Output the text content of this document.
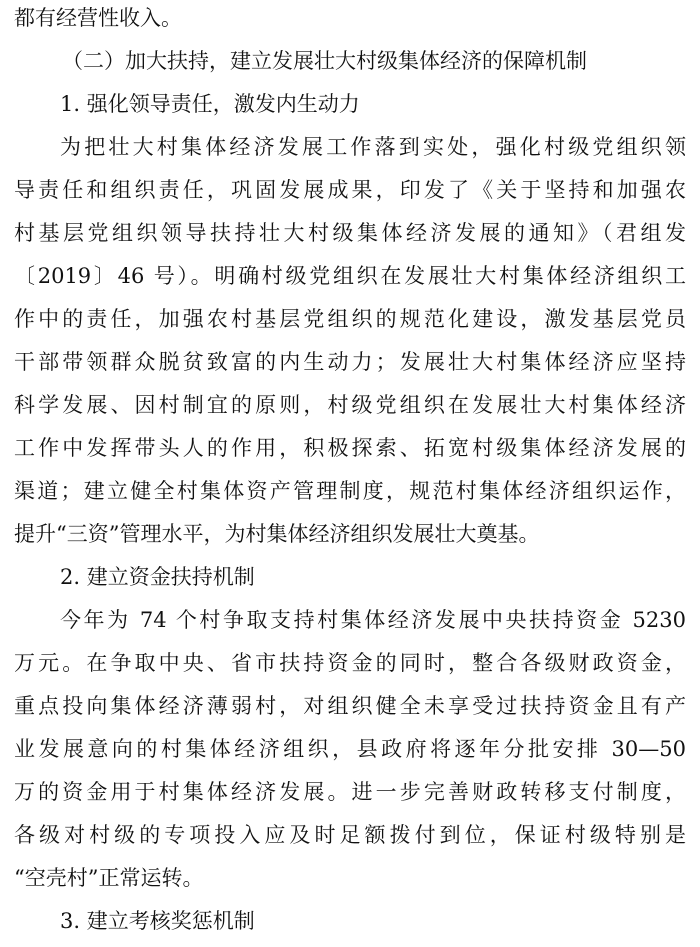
都有经营性收入。
（二）加大扶持，建立发展壮大村级集体经济的保障机制
1. 强化领导责任，激发内生动力
为把壮大村集体经济发展工作落到实处，强化村级党组织领
导责任和组织责任，巩固发展成果，印发了《关于坚持和加强农
村基层党组织领导扶持壮大村级集体经济发展的通知》（君组发
〔2019〕46 号）。明确村级党组织在发展壮大村集体经济组织工
作中的责任，加强农村基层党组织的规范化建设，激发基层党员
干部带领群众脱贫致富的内生动力；发展壮大村集体经济应坚持
科学发展、因村制宜的原则，村级党组织在发展壮大村集体经济
工作中发挥带头人的作用，积极探索、拓宽村级集体经济发展的
渠道；建立健全村集体资产管理制度，规范村集体经济组织运作，
提升“三资”管理水平，为村集体经济组织发展壮大奠基。
2. 建立资金扶持机制
今年为 74 个村争取支持村集体经济发展中央扶持资金 5230
万元。在争取中央、省市扶持资金的同时，整合各级财政资金，
重点投向集体经济薄弱村，对组织健全未享受过扶持资金且有产
业发展意向的村集体经济组织，县政府将逐年分批安排 30—50
万的资金用于村集体经济发展。进一步完善财政转移支付制度，
各级对村级的专项投入应及时足额拨付到位，保证村级特别是
“空壳村”正常运转。
3. 建立考核奖惩机制
